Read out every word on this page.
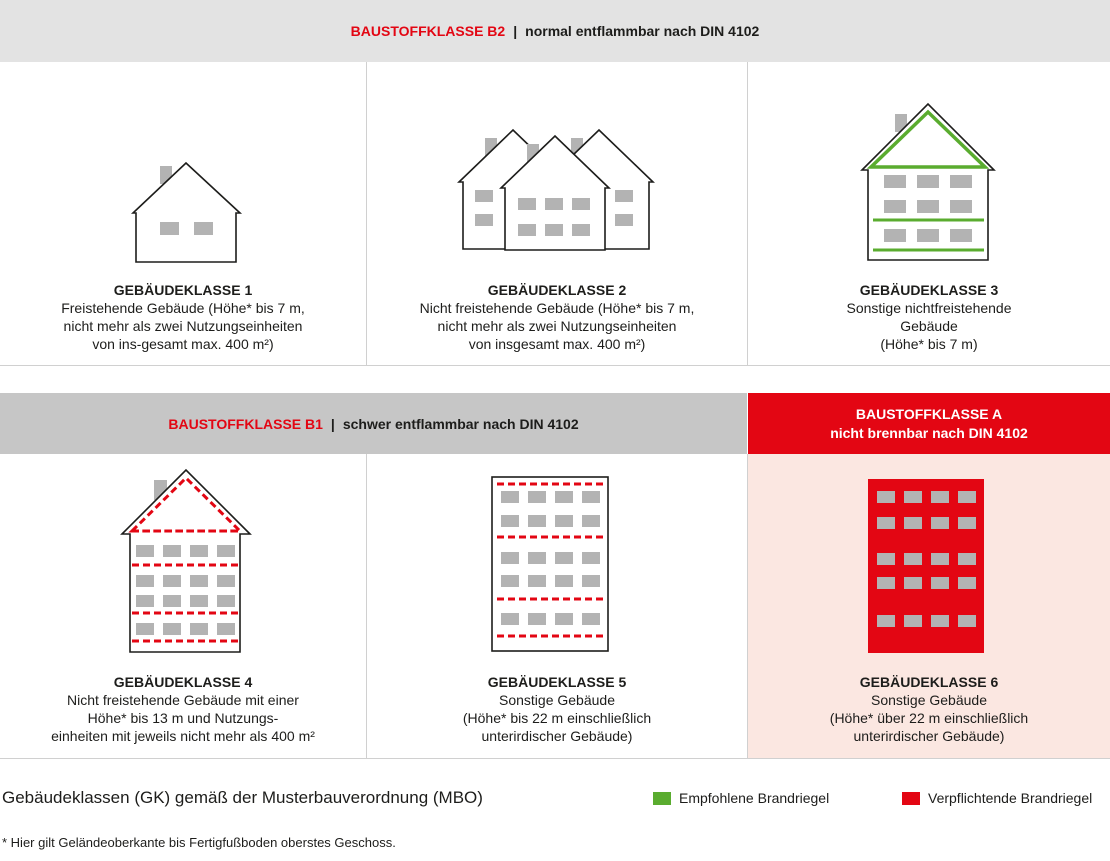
BAUSTOFFKLASSE B2 | normal entflammbar nach DIN 4102
GEBÄUDEKLASSE 1
Freistehende Gebäude (Höhe* bis 7 m,
nicht mehr als zwei Nutzungseinheiten
von ins-gesamt max. 400 m²)
GEBÄUDEKLASSE 2
Nicht freistehende Gebäude (Höhe* bis 7 m,
nicht mehr als zwei Nutzungseinheiten
von insgesamt max. 400 m²)
GEBÄUDEKLASSE 3
Sonstige nichtfreistehende
Gebäude
(Höhe* bis 7 m)
BAUSTOFFKLASSE B1 | schwer entflammbar nach DIN 4102
BAUSTOFFKLASSE A
nicht brennbar nach DIN 4102
GEBÄUDEKLASSE 4
Nicht freistehende Gebäude mit einer
Höhe* bis 13 m und Nutzungs-
einheiten mit jeweils nicht mehr als 400 m²
GEBÄUDEKLASSE 5
Sonstige Gebäude
(Höhe* bis 22 m einschließlich
unterirdischer Gebäude)
GEBÄUDEKLASSE 6
Sonstige Gebäude
(Höhe* über 22 m einschließlich
unterirdischer Gebäude)
Gebäudeklassen (GK) gemäß der Musterbauverordnung (MBO)	Empfohlene Brandriegel	Verpflichtende Brandriegel
* Hier gilt Geländeoberkante bis Fertigfußboden oberstes Geschoss.
